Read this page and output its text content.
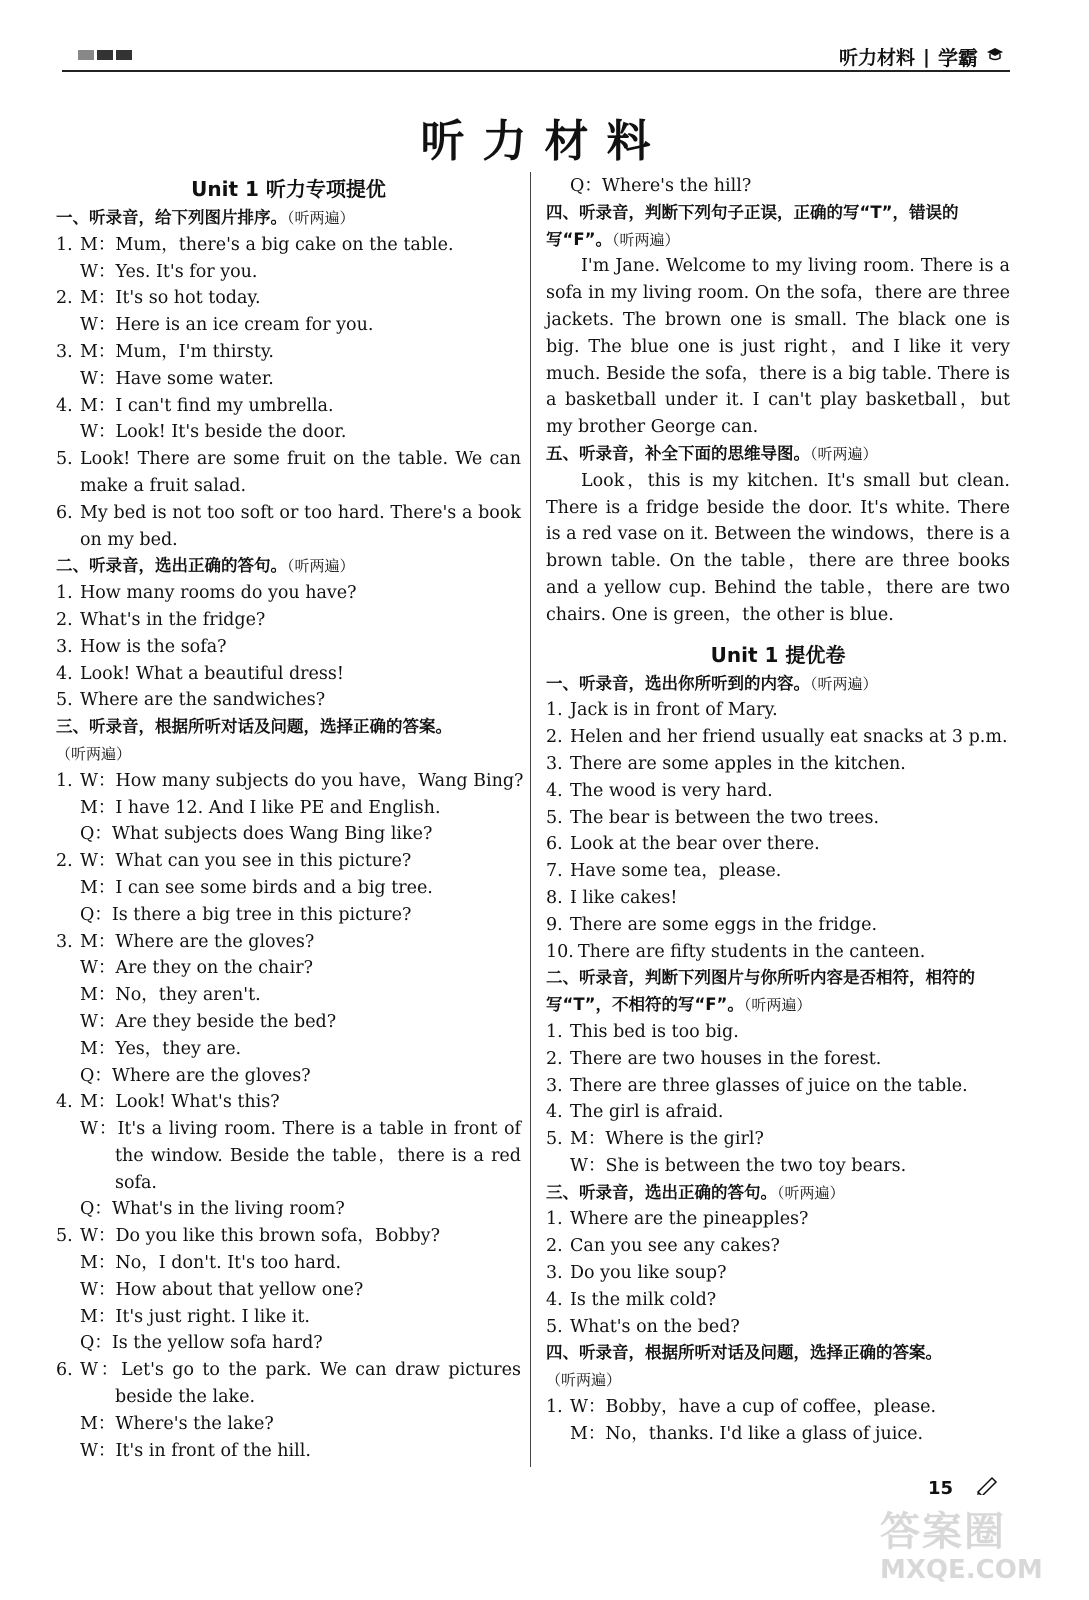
听力材料 | 学霸
听力材料
Unit 1 听力专项提优
一、听录音，给下列图片排序。（听两遍）
1. M：Mum，there's a big cake on the table.
W：Yes. It's for you.
2. M：It's so hot today.
W：Here is an ice cream for you.
3. M：Mum，I'm thirsty.
W：Have some water.
4. M：I can't find my umbrella.
W：Look! It's beside the door.
5. Look! There are some fruit on the table. We can make a fruit salad.
6. My bed is not too soft or too hard. There's a book on my bed.
二、听录音，选出正确的答句。（听两遍）
1. How many rooms do you have?
2. What's in the fridge?
3. How is the sofa?
4. Look! What a beautiful dress!
5. Where are the sandwiches?
三、听录音，根据所听对话及问题，选择正确的答案。
（听两遍）
1. W：How many subjects do you have，Wang Bing?
M：I have 12. And I like PE and English.
Q：What subjects does Wang Bing like?
2. W：What can you see in this picture?
M：I can see some birds and a big tree.
Q：Is there a big tree in this picture?
3. M：Where are the gloves?
W：Are they on the chair?
M：No，they aren't.
W：Are they beside the bed?
M：Yes，they are.
Q：Where are the gloves?
4. M：Look! What's this?
W：It's a living room. There is a table in front of the window. Beside the table，there is a red sofa.
Q：What's in the living room?
5. W：Do you like this brown sofa，Bobby?
M：No，I don't. It's too hard.
W：How about that yellow one?
M：It's just right. I like it.
Q：Is the yellow sofa hard?
6. W：Let's go to the park. We can draw pictures beside the lake.
M：Where's the lake?
W：It's in front of the hill.
Q：Where's the hill?
四、听录音，判断下列句子正误，正确的写“T”，错误的写“F”。（听两遍）
I'm Jane. Welcome to my living room. There is a sofa in my living room. On the sofa，there are three jackets. The brown one is small. The black one is big. The blue one is just right，and I like it very much. Beside the sofa，there is a big table. There is a basketball under it. I can't play basketball，but my brother George can.
五、听录音，补全下面的思维导图。（听两遍）
Look，this is my kitchen. It's small but clean. There is a fridge beside the door. It's white. There is a red vase on it. Between the windows，there is a brown table. On the table，there are three books and a yellow cup. Behind the table，there are two chairs. One is green，the other is blue.
Unit 1 提优卷
一、听录音，选出你所听到的内容。（听两遍）
1. Jack is in front of Mary.
2. Helen and her friend usually eat snacks at 3 p.m.
3. There are some apples in the kitchen.
4. The wood is very hard.
5. The bear is between the two trees.
6. Look at the bear over there.
7. Have some tea，please.
8. I like cakes!
9. There are some eggs in the fridge.
10. There are fifty students in the canteen.
二、听录音，判断下列图片与你所听内容是否相符，相符的写“T”，不相符的写“F”。（听两遍）
1. This bed is too big.
2. There are two houses in the forest.
3. There are three glasses of juice on the table.
4. The girl is afraid.
5. M：Where is the girl?
W：She is between the two toy bears.
三、听录音，选出正确的答句。（听两遍）
1. Where are the pineapples?
2. Can you see any cakes?
3. Do you like soup?
4. Is the milk cold?
5. What's on the bed?
四、听录音，根据所听对话及问题，选择正确的答案。
（听两遍）
1. W：Bobby，have a cup of coffee，please.
M：No，thanks. I'd like a glass of juice.
15
答案圈
MXQE.COM
